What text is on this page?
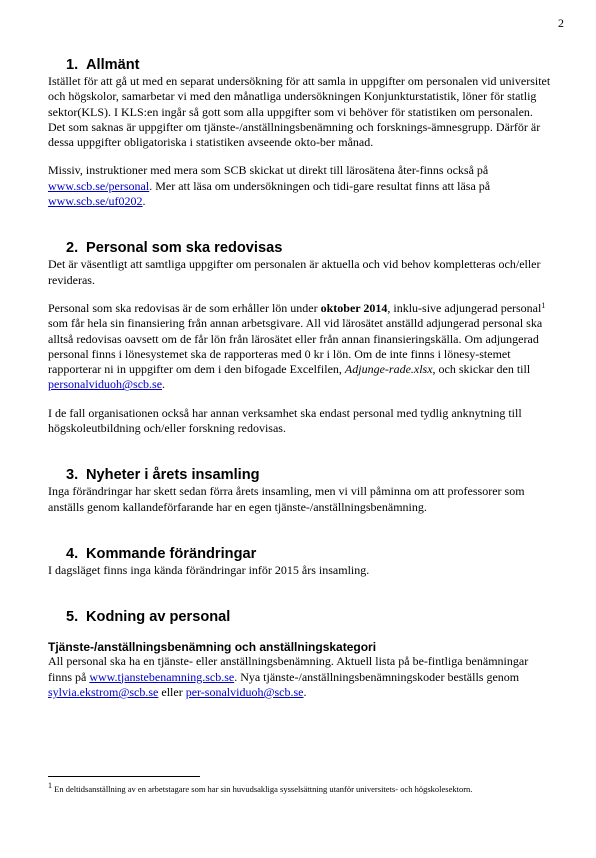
2
1. Allmänt

Istället för att gå ut med en separat undersökning för att samla in uppgifter om personalen vid universitet och högskolor, samarbetar vi med den månatliga undersökningen Konjunkturstatistik, löner för statlig sektor(KLS). I KLS:en ingår så gott som alla uppgifter som vi behöver för statistiken om personalen. Det som saknas är uppgifter om tjänste-/anställningsbenämning och forsknings-ämnesgrupp. Därför är dessa uppgifter obligatoriska i statistiken avseende okto-ber månad.

Missiv, instruktioner med mera som SCB skickat ut direkt till lärosätena åter-finns också på www.scb.se/personal. Mer att läsa om undersökningen och tidi-gare resultat finns att läsa på www.scb.se/uf0202.

2. Personal som ska redovisas

Det är väsentligt att samtliga uppgifter om personalen är aktuella och vid behov kompletteras och/eller revideras.

Personal som ska redovisas är de som erhåller lön under oktober 2014, inklu-sive adjungerad personal$^1$ som får hela sin finansiering från annan arbetsgivare. All vid lärosätet anställd adjungerad personal ska alltså redovisas oavsett om de får lön från lärosätet eller från annan finansieringskälla. Om adjungerad personal finns i lönesystemet ska de rapporteras med 0 kr i lön. Om de inte finns i lönesy-stemet rapporterar ni in uppgifter om dem i den bifogade Excelfilen, Adjunge-rade.xlsx, och skickar den till personalviduoh@scb.se.

I de fall organisationen också har annan verksamhet ska endast personal med tydlig anknytning till högskoleutbildning och/eller forskning redovisas.

3. Nyheter i årets insamling

Inga förändringar har skett sedan förra årets insamling, men vi vill påminna om att professorer som anställs genom kallandeförfarande har en egen tjänste-/anställningsbenämning.

4. Kommande förändringar

I dagsläget finns inga kända förändringar inför 2015 års insamling.

5. Kodning av personal
Tjänste-/anställningsbenämning och anställningskategori

All personal ska ha en tjänste- eller anställningsbenämning. Aktuell lista på be-fintliga benämningar finns på www.tjanstebenamning.scb.se. Nya tjänste-/anställningsbenämningskoder beställs genom sylvia.ekstrom@scb.se eller per-sonalviduoh@scb.se.

$^1$ En deltidsanställning av en arbetstagare som har sin huvudsakliga sysselsättning utanför universitets- och högskolesektorn.
